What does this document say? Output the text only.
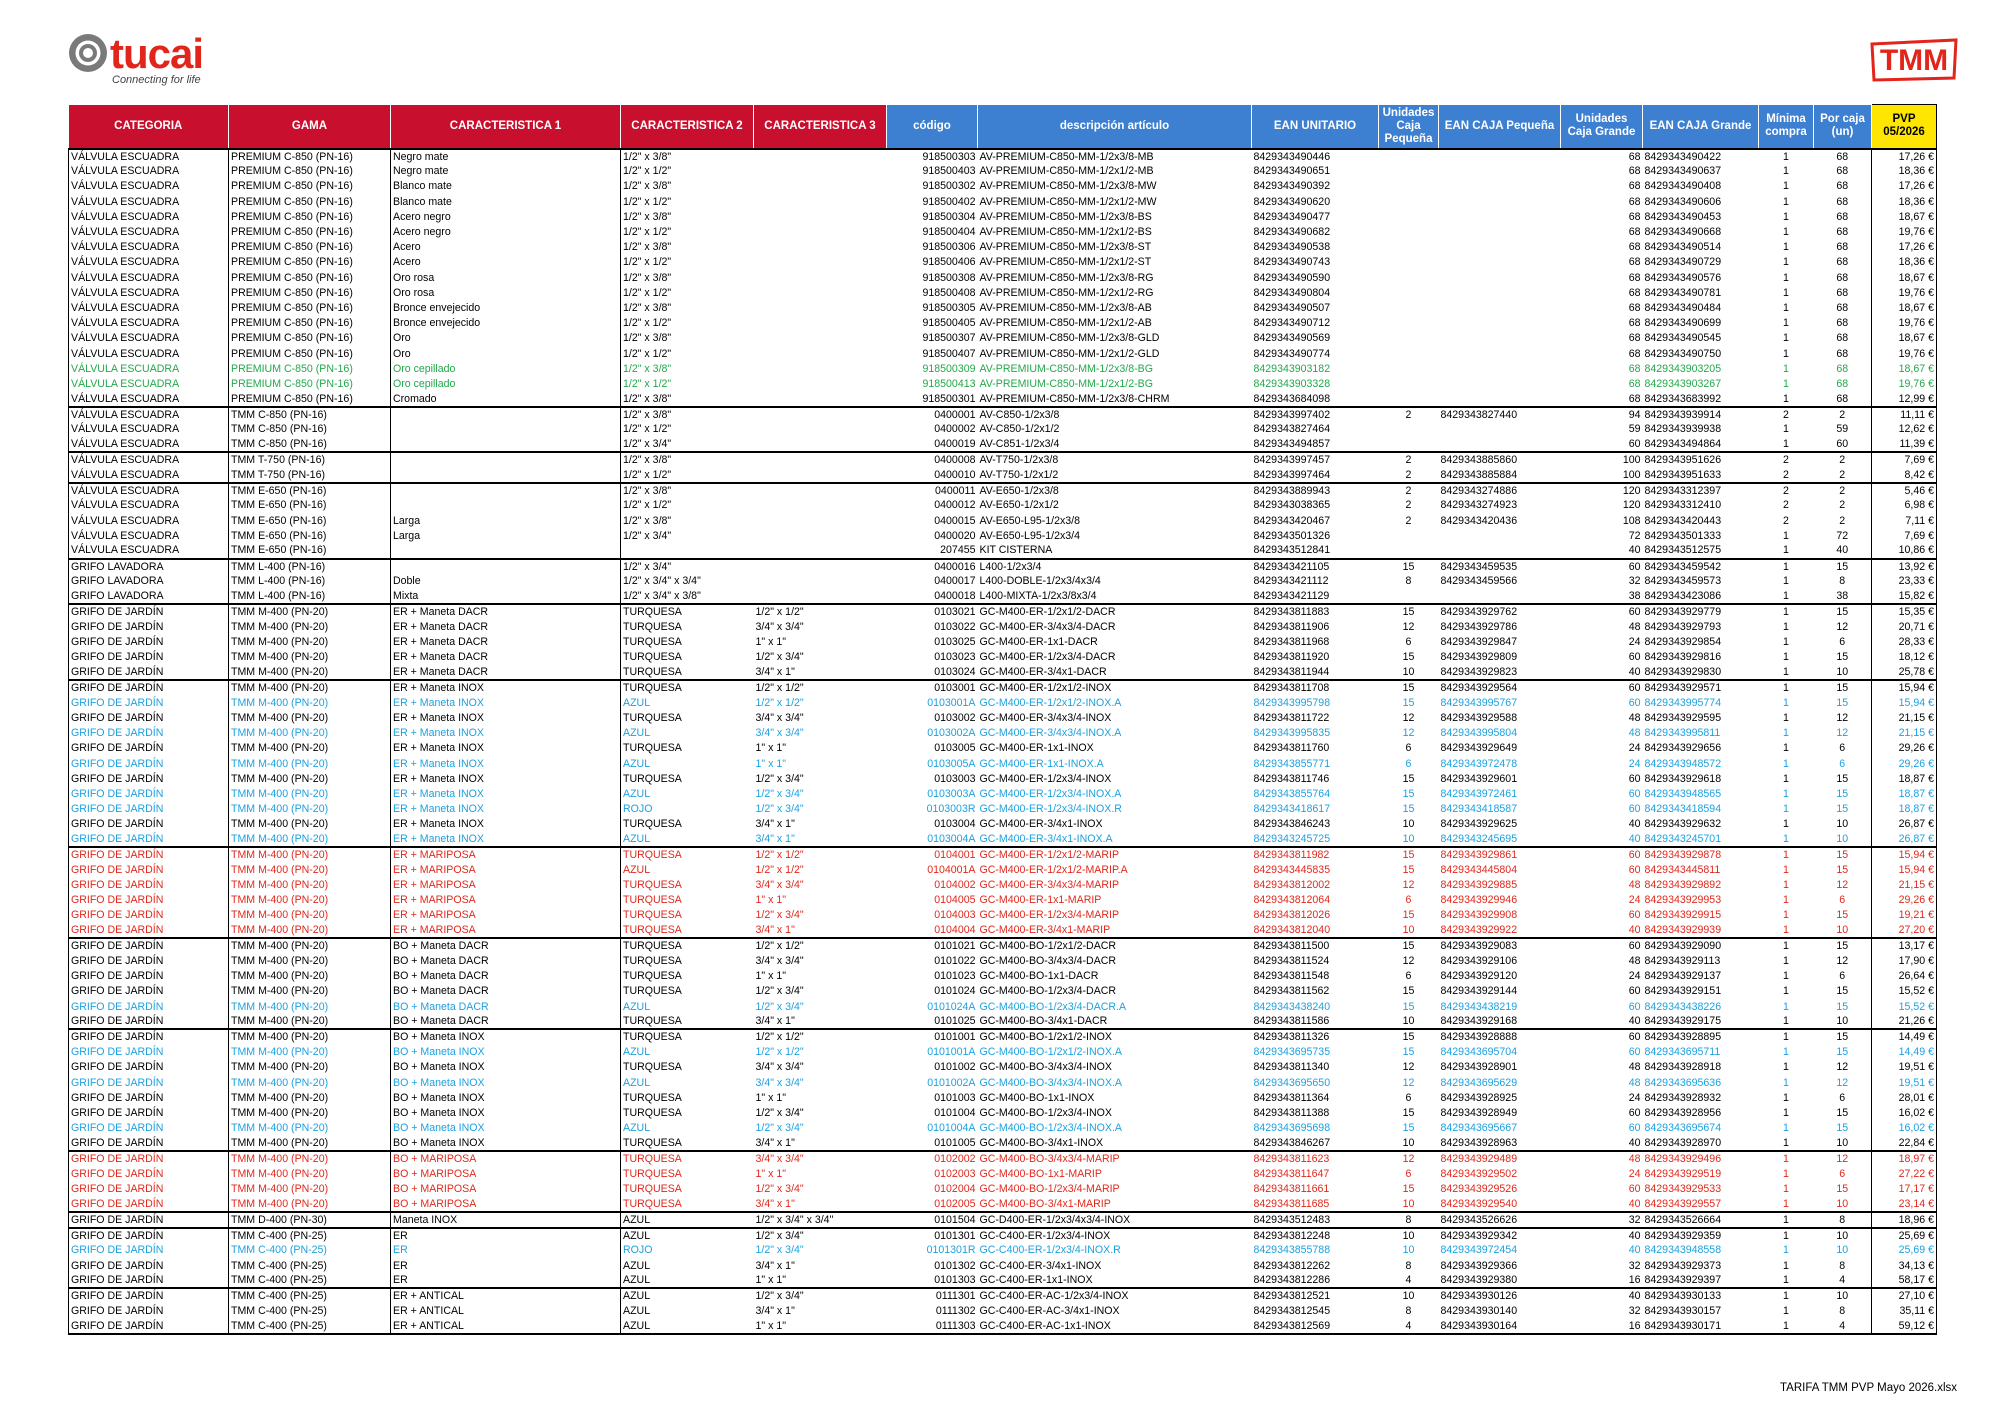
tucai
Connecting for life
TMM
CATEGORIA	GAMA	CARACTERISTICA 1	CARACTERISTICA 2	CARACTERISTICA 3	código	descripción artículo	EAN UNITARIO	Unidades Caja Pequeña	EAN CAJA Pequeña	Unidades Caja Grande	EAN CAJA Grande	Mínima compra	Por caja (un)	PVP 05/2026
VÁLVULA ESCUADRA	PREMIUM C-850 (PN-16)	Negro mate	1/2" x 3/8"		918500303	AV-PREMIUM-C850-MM-1/2x3/8-MB	8429343490446			68	8429343490422	1	68	17,26 €
VÁLVULA ESCUADRA	PREMIUM C-850 (PN-16)	Negro mate	1/2" x 1/2"		918500403	AV-PREMIUM-C850-MM-1/2x1/2-MB	8429343490651			68	8429343490637	1	68	18,36 €
VÁLVULA ESCUADRA	PREMIUM C-850 (PN-16)	Blanco mate	1/2" x 3/8"		918500302	AV-PREMIUM-C850-MM-1/2x3/8-MW	8429343490392			68	8429343490408	1	68	17,26 €
VÁLVULA ESCUADRA	PREMIUM C-850 (PN-16)	Blanco mate	1/2" x 1/2"		918500402	AV-PREMIUM-C850-MM-1/2x1/2-MW	8429343490620			68	8429343490606	1	68	18,36 €
VÁLVULA ESCUADRA	PREMIUM C-850 (PN-16)	Acero negro	1/2" x 3/8"		918500304	AV-PREMIUM-C850-MM-1/2x3/8-BS	8429343490477			68	8429343490453	1	68	18,67 €
VÁLVULA ESCUADRA	PREMIUM C-850 (PN-16)	Acero negro	1/2" x 1/2"		918500404	AV-PREMIUM-C850-MM-1/2x1/2-BS	8429343490682			68	8429343490668	1	68	19,76 €
VÁLVULA ESCUADRA	PREMIUM C-850 (PN-16)	Acero	1/2" x 3/8"		918500306	AV-PREMIUM-C850-MM-1/2x3/8-ST	8429343490538			68	8429343490514	1	68	17,26 €
VÁLVULA ESCUADRA	PREMIUM C-850 (PN-16)	Acero	1/2" x 1/2"		918500406	AV-PREMIUM-C850-MM-1/2x1/2-ST	8429343490743			68	8429343490729	1	68	18,36 €
VÁLVULA ESCUADRA	PREMIUM C-850 (PN-16)	Oro rosa	1/2" x 3/8"		918500308	AV-PREMIUM-C850-MM-1/2x3/8-RG	8429343490590			68	8429343490576	1	68	18,67 €
VÁLVULA ESCUADRA	PREMIUM C-850 (PN-16)	Oro rosa	1/2" x 1/2"		918500408	AV-PREMIUM-C850-MM-1/2x1/2-RG	8429343490804			68	8429343490781	1	68	19,76 €
VÁLVULA ESCUADRA	PREMIUM C-850 (PN-16)	Bronce envejecido	1/2" x 3/8"		918500305	AV-PREMIUM-C850-MM-1/2x3/8-AB	8429343490507			68	8429343490484	1	68	18,67 €
VÁLVULA ESCUADRA	PREMIUM C-850 (PN-16)	Bronce envejecido	1/2" x 1/2"		918500405	AV-PREMIUM-C850-MM-1/2x1/2-AB	8429343490712			68	8429343490699	1	68	19,76 €
VÁLVULA ESCUADRA	PREMIUM C-850 (PN-16)	Oro	1/2" x 3/8"		918500307	AV-PREMIUM-C850-MM-1/2x3/8-GLD	8429343490569			68	8429343490545	1	68	18,67 €
VÁLVULA ESCUADRA	PREMIUM C-850 (PN-16)	Oro	1/2" x 1/2"		918500407	AV-PREMIUM-C850-MM-1/2x1/2-GLD	8429343490774			68	8429343490750	1	68	19,76 €
VÁLVULA ESCUADRA	PREMIUM C-850 (PN-16)	Oro cepillado	1/2" x 3/8"		918500309	AV-PREMIUM-C850-MM-1/2x3/8-BG	8429343903182			68	8429343903205	1	68	18,67 €
VÁLVULA ESCUADRA	PREMIUM C-850 (PN-16)	Oro cepillado	1/2" x 1/2"		918500413	AV-PREMIUM-C850-MM-1/2x1/2-BG	8429343903328			68	8429343903267	1	68	19,76 €
VÁLVULA ESCUADRA	PREMIUM C-850 (PN-16)	Cromado	1/2" x 3/8"		918500301	AV-PREMIUM-C850-MM-1/2x3/8-CHRM	8429343684098			68	8429343683992	1	68	12,99 €
VÁLVULA ESCUADRA	TMM C-850 (PN-16)		1/2" x 3/8"		0400001	AV-C850-1/2x3/8	8429343997402	2	8429343827440	94	8429343939914	2	2	11,11 €
VÁLVULA ESCUADRA	TMM C-850 (PN-16)		1/2" x 1/2"		0400002	AV-C850-1/2x1/2	8429343827464			59	8429343939938	1	59	12,62 €
VÁLVULA ESCUADRA	TMM C-850 (PN-16)		1/2" x 3/4"		0400019	AV-C851-1/2x3/4	8429343494857			60	8429343494864	1	60	11,39 €
VÁLVULA ESCUADRA	TMM T-750 (PN-16)		1/2" x 3/8"		0400008	AV-T750-1/2x3/8	8429343997457	2	8429343885860	100	8429343951626	2	2	7,69 €
VÁLVULA ESCUADRA	TMM T-750 (PN-16)		1/2" x 1/2"		0400010	AV-T750-1/2x1/2	8429343997464	2	8429343885884	100	8429343951633	2	2	8,42 €
VÁLVULA ESCUADRA	TMM E-650 (PN-16)		1/2" x 3/8"		0400011	AV-E650-1/2x3/8	8429343889943	2	8429343274886	120	8429343312397	2	2	5,46 €
VÁLVULA ESCUADRA	TMM E-650 (PN-16)		1/2" x 1/2"		0400012	AV-E650-1/2x1/2	8429343038365	2	8429343274923	120	8429343312410	2	2	6,98 €
VÁLVULA ESCUADRA	TMM E-650 (PN-16)	Larga	1/2" x 3/8"		0400015	AV-E650-L95-1/2x3/8	8429343420467	2	8429343420436	108	8429343420443	2	2	7,11 €
VÁLVULA ESCUADRA	TMM E-650 (PN-16)	Larga	1/2" x 3/4"		0400020	AV-E650-L95-1/2x3/4	8429343501326			72	8429343501333	1	72	7,69 €
VÁLVULA ESCUADRA	TMM E-650 (PN-16)				207455	KIT CISTERNA	8429343512841			40	8429343512575	1	40	10,86 €
GRIFO LAVADORA	TMM L-400 (PN-16)		1/2" x 3/4"		0400016	L400-1/2x3/4	8429343421105	15	8429343459535	60	8429343459542	1	15	13,92 €
GRIFO LAVADORA	TMM L-400 (PN-16)	Doble	1/2" x 3/4" x 3/4"		0400017	L400-DOBLE-1/2x3/4x3/4	8429343421112	8	8429343459566	32	8429343459573	1	8	23,33 €
GRIFO LAVADORA	TMM L-400 (PN-16)	Mixta	1/2" x 3/4" x 3/8"		0400018	L400-MIXTA-1/2x3/8x3/4	8429343421129			38	8429343423086	1	38	15,82 €
GRIFO DE JARDÍN	TMM M-400 (PN-20)	ER + Maneta DACR	TURQUESA	1/2" x 1/2"	0103021	GC-M400-ER-1/2x1/2-DACR	8429343811883	15	8429343929762	60	8429343929779	1	15	15,35 €
GRIFO DE JARDÍN	TMM M-400 (PN-20)	ER + Maneta DACR	TURQUESA	3/4" x 3/4"	0103022	GC-M400-ER-3/4x3/4-DACR	8429343811906	12	8429343929786	48	8429343929793	1	12	20,71 €
GRIFO DE JARDÍN	TMM M-400 (PN-20)	ER + Maneta DACR	TURQUESA	1" x 1"	0103025	GC-M400-ER-1x1-DACR	8429343811968	6	8429343929847	24	8429343929854	1	6	28,33 €
GRIFO DE JARDÍN	TMM M-400 (PN-20)	ER + Maneta DACR	TURQUESA	1/2" x 3/4"	0103023	GC-M400-ER-1/2x3/4-DACR	8429343811920	15	8429343929809	60	8429343929816	1	15	18,12 €
GRIFO DE JARDÍN	TMM M-400 (PN-20)	ER + Maneta DACR	TURQUESA	3/4" x 1"	0103024	GC-M400-ER-3/4x1-DACR	8429343811944	10	8429343929823	40	8429343929830	1	10	25,78 €
GRIFO DE JARDÍN	TMM M-400 (PN-20)	ER + Maneta INOX	TURQUESA	1/2" x 1/2"	0103001	GC-M400-ER-1/2x1/2-INOX	8429343811708	15	8429343929564	60	8429343929571	1	15	15,94 €
GRIFO DE JARDÍN	TMM M-400 (PN-20)	ER + Maneta INOX	AZUL	1/2" x 1/2"	0103001A	GC-M400-ER-1/2x1/2-INOX.A	8429343995798	15	8429343995767	60	8429343995774	1	15	15,94 €
GRIFO DE JARDÍN	TMM M-400 (PN-20)	ER + Maneta INOX	TURQUESA	3/4" x 3/4"	0103002	GC-M400-ER-3/4x3/4-INOX	8429343811722	12	8429343929588	48	8429343929595	1	12	21,15 €
GRIFO DE JARDÍN	TMM M-400 (PN-20)	ER + Maneta INOX	AZUL	3/4" x 3/4"	0103002A	GC-M400-ER-3/4x3/4-INOX.A	8429343995835	12	8429343995804	48	8429343995811	1	12	21,15 €
GRIFO DE JARDÍN	TMM M-400 (PN-20)	ER + Maneta INOX	TURQUESA	1" x 1"	0103005	GC-M400-ER-1x1-INOX	8429343811760	6	8429343929649	24	8429343929656	1	6	29,26 €
GRIFO DE JARDÍN	TMM M-400 (PN-20)	ER + Maneta INOX	AZUL	1" x 1"	0103005A	GC-M400-ER-1x1-INOX.A	8429343855771	6	8429343972478	24	8429343948572	1	6	29,26 €
GRIFO DE JARDÍN	TMM M-400 (PN-20)	ER + Maneta INOX	TURQUESA	1/2" x 3/4"	0103003	GC-M400-ER-1/2x3/4-INOX	8429343811746	15	8429343929601	60	8429343929618	1	15	18,87 €
GRIFO DE JARDÍN	TMM M-400 (PN-20)	ER + Maneta INOX	AZUL	1/2" x 3/4"	0103003A	GC-M400-ER-1/2x3/4-INOX.A	8429343855764	15	8429343972461	60	8429343948565	1	15	18,87 €
GRIFO DE JARDÍN	TMM M-400 (PN-20)	ER + Maneta INOX	ROJO	1/2" x 3/4"	0103003R	GC-M400-ER-1/2x3/4-INOX.R	8429343418617	15	8429343418587	60	8429343418594	1	15	18,87 €
GRIFO DE JARDÍN	TMM M-400 (PN-20)	ER + Maneta INOX	TURQUESA	3/4" x 1"	0103004	GC-M400-ER-3/4x1-INOX	8429343846243	10	8429343929625	40	8429343929632	1	10	26,87 €
GRIFO DE JARDÍN	TMM M-400 (PN-20)	ER + Maneta INOX	AZUL	3/4" x 1"	0103004A	GC-M400-ER-3/4x1-INOX.A	8429343245725	10	8429343245695	40	8429343245701	1	10	26,87 €
GRIFO DE JARDÍN	TMM M-400 (PN-20)	ER + MARIPOSA	TURQUESA	1/2" x 1/2"	0104001	GC-M400-ER-1/2x1/2-MARIP	8429343811982	15	8429343929861	60	8429343929878	1	15	15,94 €
GRIFO DE JARDÍN	TMM M-400 (PN-20)	ER + MARIPOSA	AZUL	1/2" x 1/2"	0104001A	GC-M400-ER-1/2x1/2-MARIP.A	8429343445835	15	8429343445804	60	8429343445811	1	15	15,94 €
GRIFO DE JARDÍN	TMM M-400 (PN-20)	ER + MARIPOSA	TURQUESA	3/4" x 3/4"	0104002	GC-M400-ER-3/4x3/4-MARIP	8429343812002	12	8429343929885	48	8429343929892	1	12	21,15 €
GRIFO DE JARDÍN	TMM M-400 (PN-20)	ER + MARIPOSA	TURQUESA	1" x 1"	0104005	GC-M400-ER-1x1-MARIP	8429343812064	6	8429343929946	24	8429343929953	1	6	29,26 €
GRIFO DE JARDÍN	TMM M-400 (PN-20)	ER + MARIPOSA	TURQUESA	1/2" x 3/4"	0104003	GC-M400-ER-1/2x3/4-MARIP	8429343812026	15	8429343929908	60	8429343929915	1	15	19,21 €
GRIFO DE JARDÍN	TMM M-400 (PN-20)	ER + MARIPOSA	TURQUESA	3/4" x 1"	0104004	GC-M400-ER-3/4x1-MARIP	8429343812040	10	8429343929922	40	8429343929939	1	10	27,20 €
GRIFO DE JARDÍN	TMM M-400 (PN-20)	BO + Maneta DACR	TURQUESA	1/2" x 1/2"	0101021	GC-M400-BO-1/2x1/2-DACR	8429343811500	15	8429343929083	60	8429343929090	1	15	13,17 €
GRIFO DE JARDÍN	TMM M-400 (PN-20)	BO + Maneta DACR	TURQUESA	3/4" x 3/4"	0101022	GC-M400-BO-3/4x3/4-DACR	8429343811524	12	8429343929106	48	8429343929113	1	12	17,90 €
GRIFO DE JARDÍN	TMM M-400 (PN-20)	BO + Maneta DACR	TURQUESA	1" x 1"	0101023	GC-M400-BO-1x1-DACR	8429343811548	6	8429343929120	24	8429343929137	1	6	26,64 €
GRIFO DE JARDÍN	TMM M-400 (PN-20)	BO + Maneta DACR	TURQUESA	1/2" x 3/4"	0101024	GC-M400-BO-1/2x3/4-DACR	8429343811562	15	8429343929144	60	8429343929151	1	15	15,52 €
GRIFO DE JARDÍN	TMM M-400 (PN-20)	BO + Maneta DACR	AZUL	1/2" x 3/4"	0101024A	GC-M400-BO-1/2x3/4-DACR.A	8429343438240	15	8429343438219	60	8429343438226	1	15	15,52 €
GRIFO DE JARDÍN	TMM M-400 (PN-20)	BO + Maneta DACR	TURQUESA	3/4" x 1"	0101025	GC-M400-BO-3/4x1-DACR	8429343811586	10	8429343929168	40	8429343929175	1	10	21,26 €
GRIFO DE JARDÍN	TMM M-400 (PN-20)	BO + Maneta INOX	TURQUESA	1/2" x 1/2"	0101001	GC-M400-BO-1/2x1/2-INOX	8429343811326	15	8429343928888	60	8429343928895	1	15	14,49 €
GRIFO DE JARDÍN	TMM M-400 (PN-20)	BO + Maneta INOX	AZUL	1/2" x 1/2"	0101001A	GC-M400-BO-1/2x1/2-INOX.A	8429343695735	15	8429343695704	60	8429343695711	1	15	14,49 €
GRIFO DE JARDÍN	TMM M-400 (PN-20)	BO + Maneta INOX	TURQUESA	3/4" x 3/4"	0101002	GC-M400-BO-3/4x3/4-INOX	8429343811340	12	8429343928901	48	8429343928918	1	12	19,51 €
GRIFO DE JARDÍN	TMM M-400 (PN-20)	BO + Maneta INOX	AZUL	3/4" x 3/4"	0101002A	GC-M400-BO-3/4x3/4-INOX.A	8429343695650	12	8429343695629	48	8429343695636	1	12	19,51 €
GRIFO DE JARDÍN	TMM M-400 (PN-20)	BO + Maneta INOX	TURQUESA	1" x 1"	0101003	GC-M400-BO-1x1-INOX	8429343811364	6	8429343928925	24	8429343928932	1	6	28,01 €
GRIFO DE JARDÍN	TMM M-400 (PN-20)	BO + Maneta INOX	TURQUESA	1/2" x 3/4"	0101004	GC-M400-BO-1/2x3/4-INOX	8429343811388	15	8429343928949	60	8429343928956	1	15	16,02 €
GRIFO DE JARDÍN	TMM M-400 (PN-20)	BO + Maneta INOX	AZUL	1/2" x 3/4"	0101004A	GC-M400-BO-1/2x3/4-INOX.A	8429343695698	15	8429343695667	60	8429343695674	1	15	16,02 €
GRIFO DE JARDÍN	TMM M-400 (PN-20)	BO + Maneta INOX	TURQUESA	3/4" x 1"	0101005	GC-M400-BO-3/4x1-INOX	8429343846267	10	8429343928963	40	8429343928970	1	10	22,84 €
GRIFO DE JARDÍN	TMM M-400 (PN-20)	BO + MARIPOSA	TURQUESA	3/4" x 3/4"	0102002	GC-M400-BO-3/4x3/4-MARIP	8429343811623	12	8429343929489	48	8429343929496	1	12	18,97 €
GRIFO DE JARDÍN	TMM M-400 (PN-20)	BO + MARIPOSA	TURQUESA	1" x 1"	0102003	GC-M400-BO-1x1-MARIP	8429343811647	6	8429343929502	24	8429343929519	1	6	27,22 €
GRIFO DE JARDÍN	TMM M-400 (PN-20)	BO + MARIPOSA	TURQUESA	1/2" x 3/4"	0102004	GC-M400-BO-1/2x3/4-MARIP	8429343811661	15	8429343929526	60	8429343929533	1	15	17,17 €
GRIFO DE JARDÍN	TMM M-400 (PN-20)	BO + MARIPOSA	TURQUESA	3/4" x 1"	0102005	GC-M400-BO-3/4x1-MARIP	8429343811685	10	8429343929540	40	8429343929557	1	10	23,14 €
GRIFO DE JARDÍN	TMM D-400 (PN-30)	Maneta INOX	AZUL	1/2" x 3/4" x 3/4"	0101504	GC-D400-ER-1/2x3/4x3/4-INOX	8429343512483	8	8429343526626	32	8429343526664	1	8	18,96 €
GRIFO DE JARDÍN	TMM C-400 (PN-25)	ER	AZUL	1/2" x 3/4"	0101301	GC-C400-ER-1/2x3/4-INOX	8429343812248	10	8429343929342	40	8429343929359	1	10	25,69 €
GRIFO DE JARDÍN	TMM C-400 (PN-25)	ER	ROJO	1/2" x 3/4"	0101301R	GC-C400-ER-1/2x3/4-INOX.R	8429343855788	10	8429343972454	40	8429343948558	1	10	25,69 €
GRIFO DE JARDÍN	TMM C-400 (PN-25)	ER	AZUL	3/4" x 1"	0101302	GC-C400-ER-3/4x1-INOX	8429343812262	8	8429343929366	32	8429343929373	1	8	34,13 €
GRIFO DE JARDÍN	TMM C-400 (PN-25)	ER	AZUL	1" x 1"	0101303	GC-C400-ER-1x1-INOX	8429343812286	4	8429343929380	16	8429343929397	1	4	58,17 €
GRIFO DE JARDÍN	TMM C-400 (PN-25)	ER + ANTICAL	AZUL	1/2" x 3/4"	0111301	GC-C400-ER-AC-1/2x3/4-INOX	8429343812521	10	8429343930126	40	8429343930133	1	10	27,10 €
GRIFO DE JARDÍN	TMM C-400 (PN-25)	ER + ANTICAL	AZUL	3/4" x 1"	0111302	GC-C400-ER-AC-3/4x1-INOX	8429343812545	8	8429343930140	32	8429343930157	1	8	35,11 €
GRIFO DE JARDÍN	TMM C-400 (PN-25)	ER + ANTICAL	AZUL	1" x 1"	0111303	GC-C400-ER-AC-1x1-INOX	8429343812569	4	8429343930164	16	8429343930171	1	4	59,12 €
TARIFA TMM PVP Mayo 2026.xlsx
